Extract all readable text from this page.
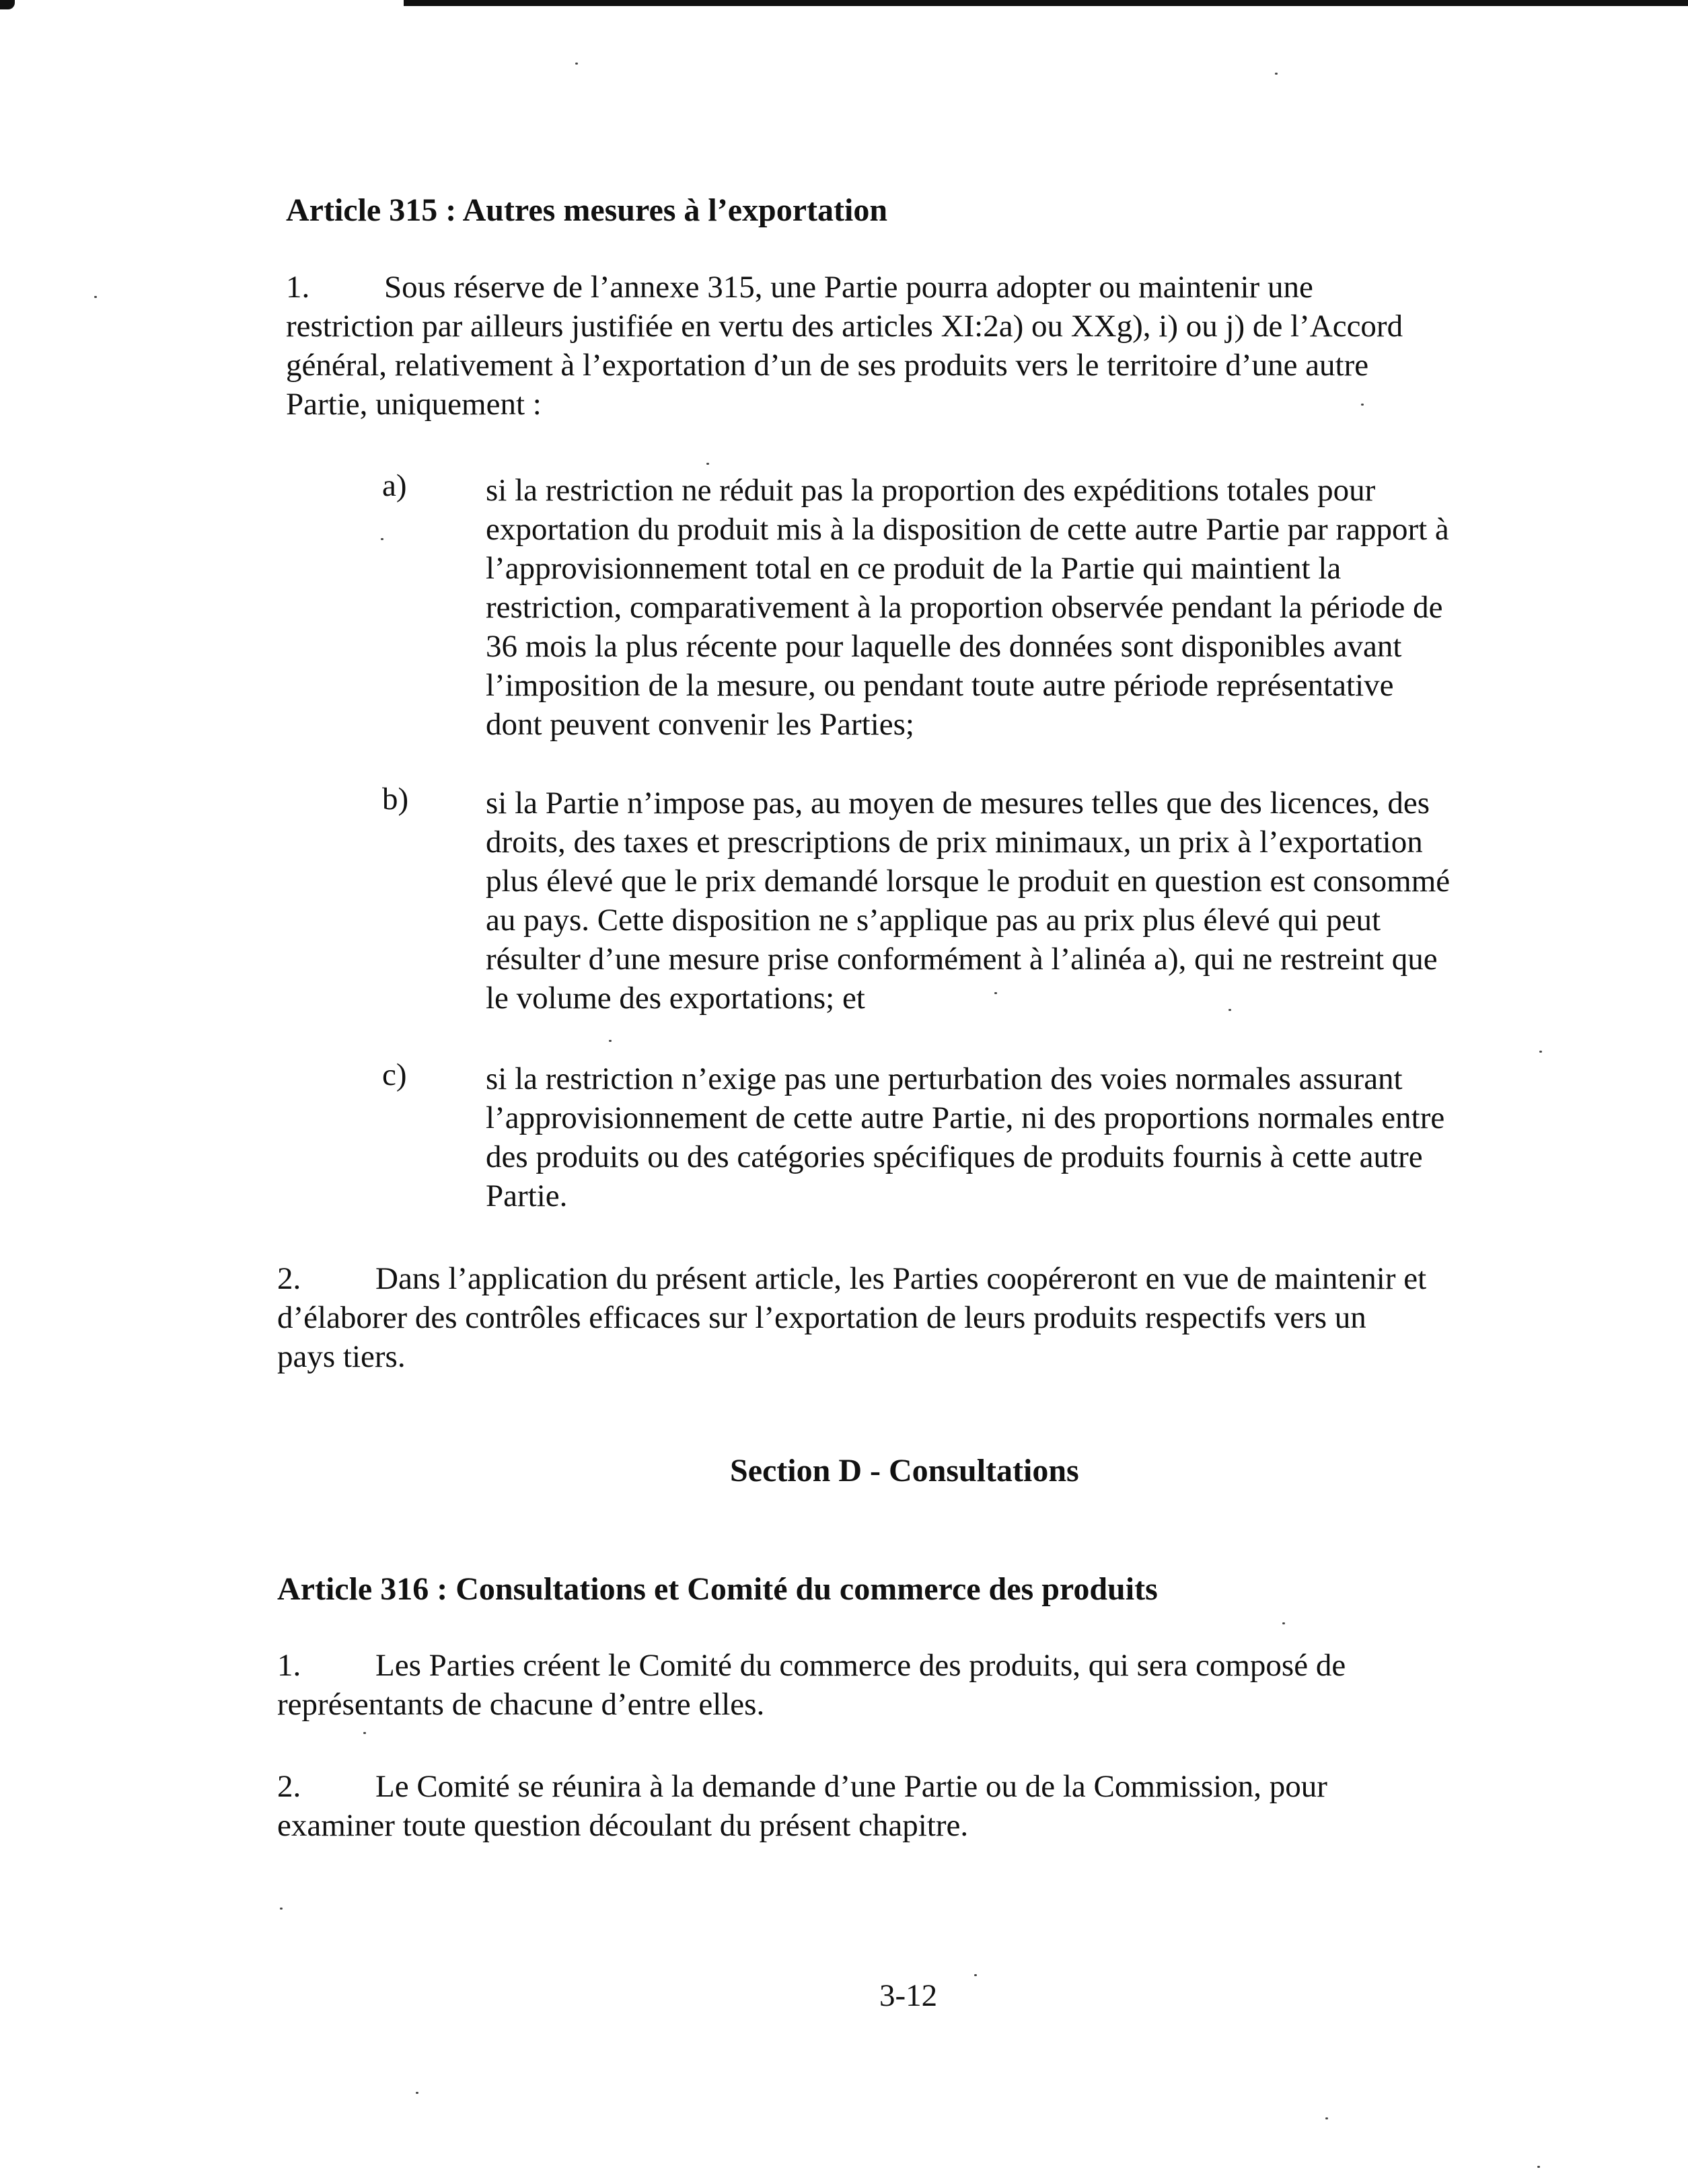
Article 315 : Autres mesures à l’exportation
1. Sous réserve de l’annexe 315, une Partie pourra adopter ou maintenir une
restriction par ailleurs justifiée en vertu des articles XI:2a) ou XXg), i) ou j) de l’Accord
général, relativement à l’exportation d’un de ses produits vers le territoire d’une autre
Partie, uniquement :
a) si la restriction ne réduit pas la proportion des expéditions totales pour
exportation du produit mis à la disposition de cette autre Partie par rapport à
l’approvisionnement total en ce produit de la Partie qui maintient la
restriction, comparativement à la proportion observée pendant la période de
36 mois la plus récente pour laquelle des données sont disponibles avant
l’imposition de la mesure, ou pendant toute autre période représentative
dont peuvent convenir les Parties;
b) si la Partie n’impose pas, au moyen de mesures telles que des licences, des
droits, des taxes et prescriptions de prix minimaux, un prix à l’exportation
plus élevé que le prix demandé lorsque le produit en question est consommé
au pays. Cette disposition ne s’applique pas au prix plus élevé qui peut
résulter d’une mesure prise conformément à l’alinéa a), qui ne restreint que
le volume des exportations; et
c) si la restriction n’exige pas une perturbation des voies normales assurant
l’approvisionnement de cette autre Partie, ni des proportions normales entre
des produits ou des catégories spécifiques de produits fournis à cette autre
Partie.
2. Dans l’application du présent article, les Parties coopéreront en vue de maintenir et
d’élaborer des contrôles efficaces sur l’exportation de leurs produits respectifs vers un
pays tiers.
Section D - Consultations
Article 316 : Consultations et Comité du commerce des produits
1. Les Parties créent le Comité du commerce des produits, qui sera composé de
représentants de chacune d’entre elles.
2. Le Comité se réunira à la demande d’une Partie ou de la Commission, pour
examiner toute question découlant du présent chapitre.
3-12
